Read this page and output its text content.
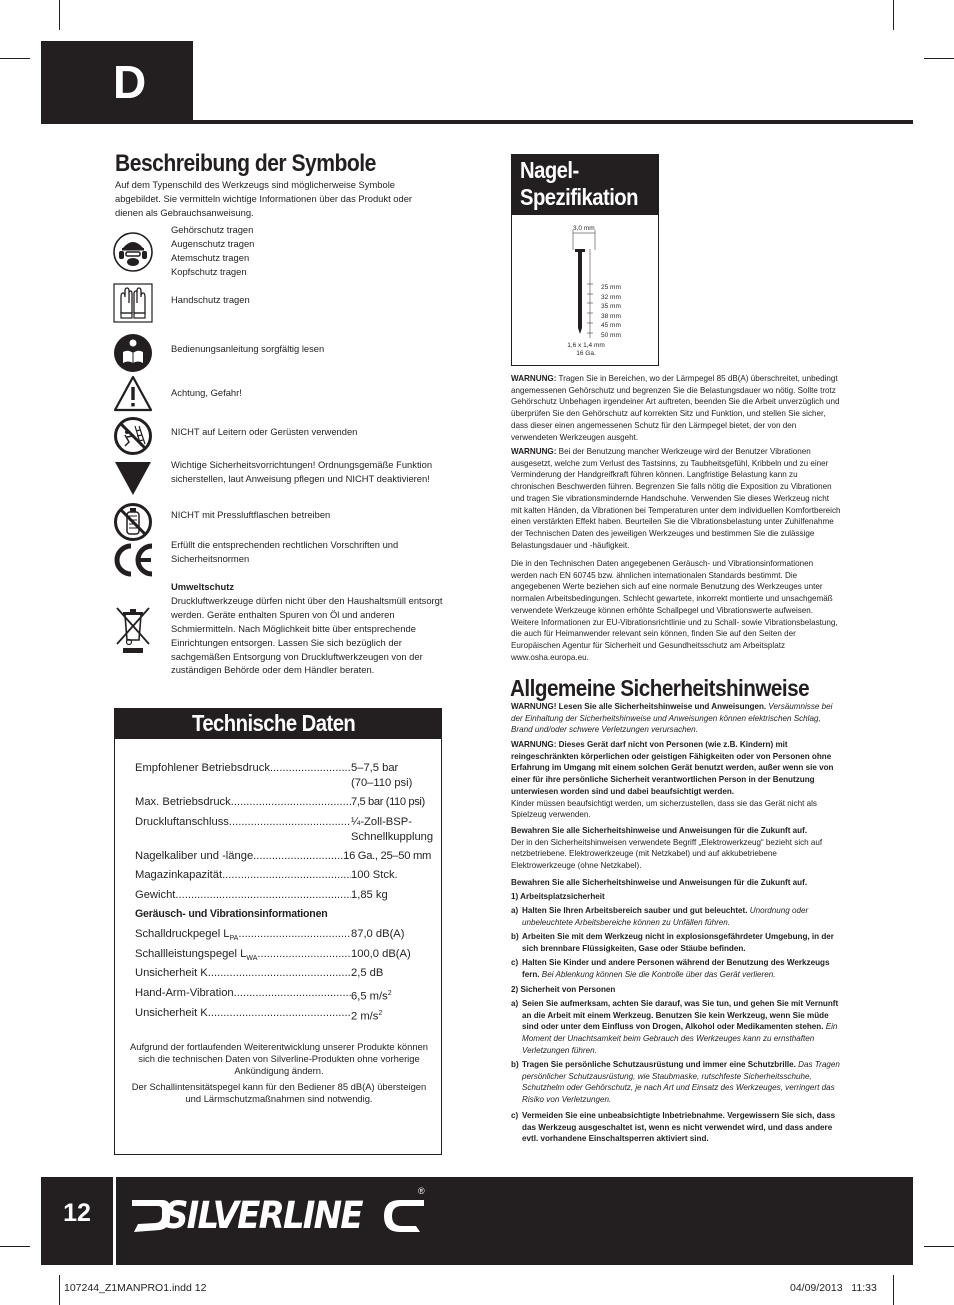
D
Beschreibung der Symbole
Auf dem Typenschild des Werkzeugs sind möglicherweise Symbole abgebildet. Sie vermitteln wichtige Informationen über das Produkt oder dienen als Gebrauchsanweisung.
Gehörschutz tragen
Augenschutz tragen
Atemschutz tragen
Kopfschutz tragen
Handschutz tragen
Bedienungsanleitung sorgfältig lesen
Achtung, Gefahr!
NICHT auf Leitern oder Gerüsten verwenden
Wichtige Sicherheitsvorrichtungen! Ordnungsgemäße Funktion sicherstellen, laut Anweisung pflegen und NICHT deaktivieren!
NICHT mit Pressluftflaschen betreiben
Erfüllt die entsprechenden rechtlichen Vorschriften und Sicherheitsnormen
Umweltschutz
Druckluftwerkzeuge dürfen nicht über den Haushaltsmüll entsorgt werden. Geräte enthalten Spuren von Öl und anderen Schmiermitteln. Nach Möglichkeit bitte über entsprechende Einrichtungen entsorgen. Lassen Sie sich bezüglich der sachgemäßen Entsorgung von Druckluftwerkzeugen von der zuständigen Behörde oder dem Händler beraten.
Technische Daten
Empfohlener Betriebsdruck .....	5–7,5 bar
(70–110 psi)
Max. Betriebsdruck .....	7,5 bar (110 psi)
Druckluftanschluss .....	¼-Zoll-BSP-
Schnellkupplung
Nagelkaliber und -länge .....	16 Ga., 25–50 mm
Magazinkapazität .....	100 Stck.
Gewicht .....	1,85 kg
Geräusch- und Vibrationsinformationen
Schalldruckpegel $L_{PA}$ .....	87,0 dB(A)
Schallleistungspegel $L_{WA}$ .....	100,0 dB(A)
Unsicherheit K .....	2,5 dB
Hand-Arm-Vibration .....	6,5 $m/s^2$
Unsicherheit K .....	2 $m/s^2$
Aufgrund der fortlaufenden Weiterentwicklung unserer Produkte können sich die technischen Daten von Silverline-Produkten ohne vorherige Ankündigung ändern.
Der Schallintensitätspegel kann für den Bediener 85 dB(A) übersteigen und Lärmschutzmaßnahmen sind notwendig.
Nagel-
Spezifikation
3,0 mm
25 mm
32 mm
35 mm
38 mm
45 mm
50 mm
1,6 x 1,4 mm
16 Ga.
WARNUNG: Tragen Sie in Bereichen, wo der Lärmpegel 85 dB(A) überschreitet, unbedingt angemessenen Gehörschutz und begrenzen Sie die Belastungsdauer wo nötig. Sollte trotz Gehörschutz Unbehagen irgendeiner Art auftreten, beenden Sie die Arbeit unverzüglich und überprüfen Sie den Gehörschutz auf korrekten Sitz und Funktion, und stellen Sie sicher, dass dieser einen angemessenen Schutz für den Lärmpegel bietet, der von den verwendeten Werkzeugen ausgeht.
WARNUNG: Bei der Benutzung mancher Werkzeuge wird der Benutzer Vibrationen ausgesetzt, welche zum Verlust des Tastsinns, zu Taubheitsgefühl, Kribbeln und zu einer Verminderung der Handgreifkraft führen können. Langfristige Belastung kann zu chronischen Beschwerden führen. Begrenzen Sie falls nötig die Exposition zu Vibrationen und tragen Sie vibrationsmindernde Handschuhe. Verwenden Sie dieses Werkzeug nicht mit kalten Händen, da Vibrationen bei Temperaturen unter dem individuellen Komfortbereich einen verstärkten Effekt haben. Beurteilen Sie die Vibrationsbelastung unter Zuhilfenahme der Technischen Daten des jeweiligen Werkzeuges und bestimmen Sie die zulässige Belastungsdauer und -häufigkeit.
Die in den Technischen Daten angegebenen Geräusch- und Vibrationsinformationen werden nach EN 60745 bzw. ähnlichen internationalen Standards bestimmt. Die angegebenen Werte beziehen sich auf eine normale Benutzung des Werkzeuges unter normalen Arbeitsbedingungen. Schlecht gewartete, inkorrekt montierte und unsachgemäß verwendete Werkzeuge können erhöhte Schallpegel und Vibrationswerte aufweisen. Weitere Informationen zur EU-Vibrationsrichtlinie und zu Schall- sowie Vibrationsbelastung, die auch für Heimanwender relevant sein können, finden Sie auf den Seiten der Europäischen Agentur für Sicherheit und Gesundheitsschutz am Arbeitsplatz www.osha.europa.eu.
Allgemeine Sicherheitshinweise
WARNUNG! Lesen Sie alle Sicherheitshinweise und Anweisungen. Versäumnisse bei der Einhaltung der Sicherheitshinweise und Anweisungen können elektrischen Schlag, Brand und/oder schwere Verletzungen verursachen.
WARNUNG: Dieses Gerät darf nicht von Personen (wie z.B. Kindern) mit reingeschränkten körperlichen oder geistigen Fähigkeiten oder von Personen ohne Erfahrung im Umgang mit einem solchen Gerät benutzt werden, außer wenn sie von einer für ihre persönliche Sicherheit verantwortlichen Person in der Benutzung unterwiesen worden sind und dabei beaufsichtigt werden.
Kinder müssen beaufsichtigt werden, um sicherzustellen, dass sie das Gerät nicht als Spielzeug verwenden.
Bewahren Sie alle Sicherheitshinweise und Anweisungen für die Zukunft auf.
Der in den Sicherheitshinweisen verwendete Begriff „Elektrowerkzeug“ bezieht sich auf netzbetriebene. Elektrowerkzeuge (mit Netzkabel) und auf akkubetriebene Elektrowerkzeuge (ohne Netzkabel).
Bewahren Sie alle Sicherheitshinweise und Anweisungen für die Zukunft auf.
1) Arbeitsplatzsicherheit
a) Halten Sie Ihren Arbeitsbereich sauber und gut beleuchtet. Unordnung oder unbeleuchtete Arbeitsbereiche können zu Unfällen führen.
b) Arbeiten Sie mit dem Werkzeug nicht in explosionsgefährdeter Umgebung, in der sich brennbare Flüssigkeiten, Gase oder Stäube befinden.
c) Halten Sie Kinder und andere Personen während der Benutzung des Werkzeugs fern. Bei Ablenkung können Sie die Kontrolle über das Gerät verlieren.
2) Sicherheit von Personen
a) Seien Sie aufmerksam, achten Sie darauf, was Sie tun, und gehen Sie mit Vernunft an die Arbeit mit einem Werkzeug. Benutzen Sie kein Werkzeug, wenn Sie müde sind oder unter dem Einfluss von Drogen, Alkohol oder Medikamenten stehen. Ein Moment der Unachtsamkeit beim Gebrauch des Werkzeuges kann zu ernsthaften Verletzungen führen.
b) Tragen Sie persönliche Schutzausrüstung und immer eine Schutzbrille. Das Tragen persönlicher Schutzausrüstung, wie Staubmaske, rutschfeste Sicherheitsschuhe, Schutzhelm oder Gehörschutz, je nach Art und Einsatz des Werkzeuges, verringert das Risiko von Verletzungen.
c) Vermeiden Sie eine unbeabsichtigte Inbetriebnahme. Vergewissern Sie sich, dass das Werkzeug ausgeschaltet ist, wenn es nicht verwendet wird, und dass andere evtl. vorhandene Einschaltsperren aktiviert sind.
12	SILVERLINE
®
107244_Z1MANPRO1.indd 12	04/09/2013   11:33
